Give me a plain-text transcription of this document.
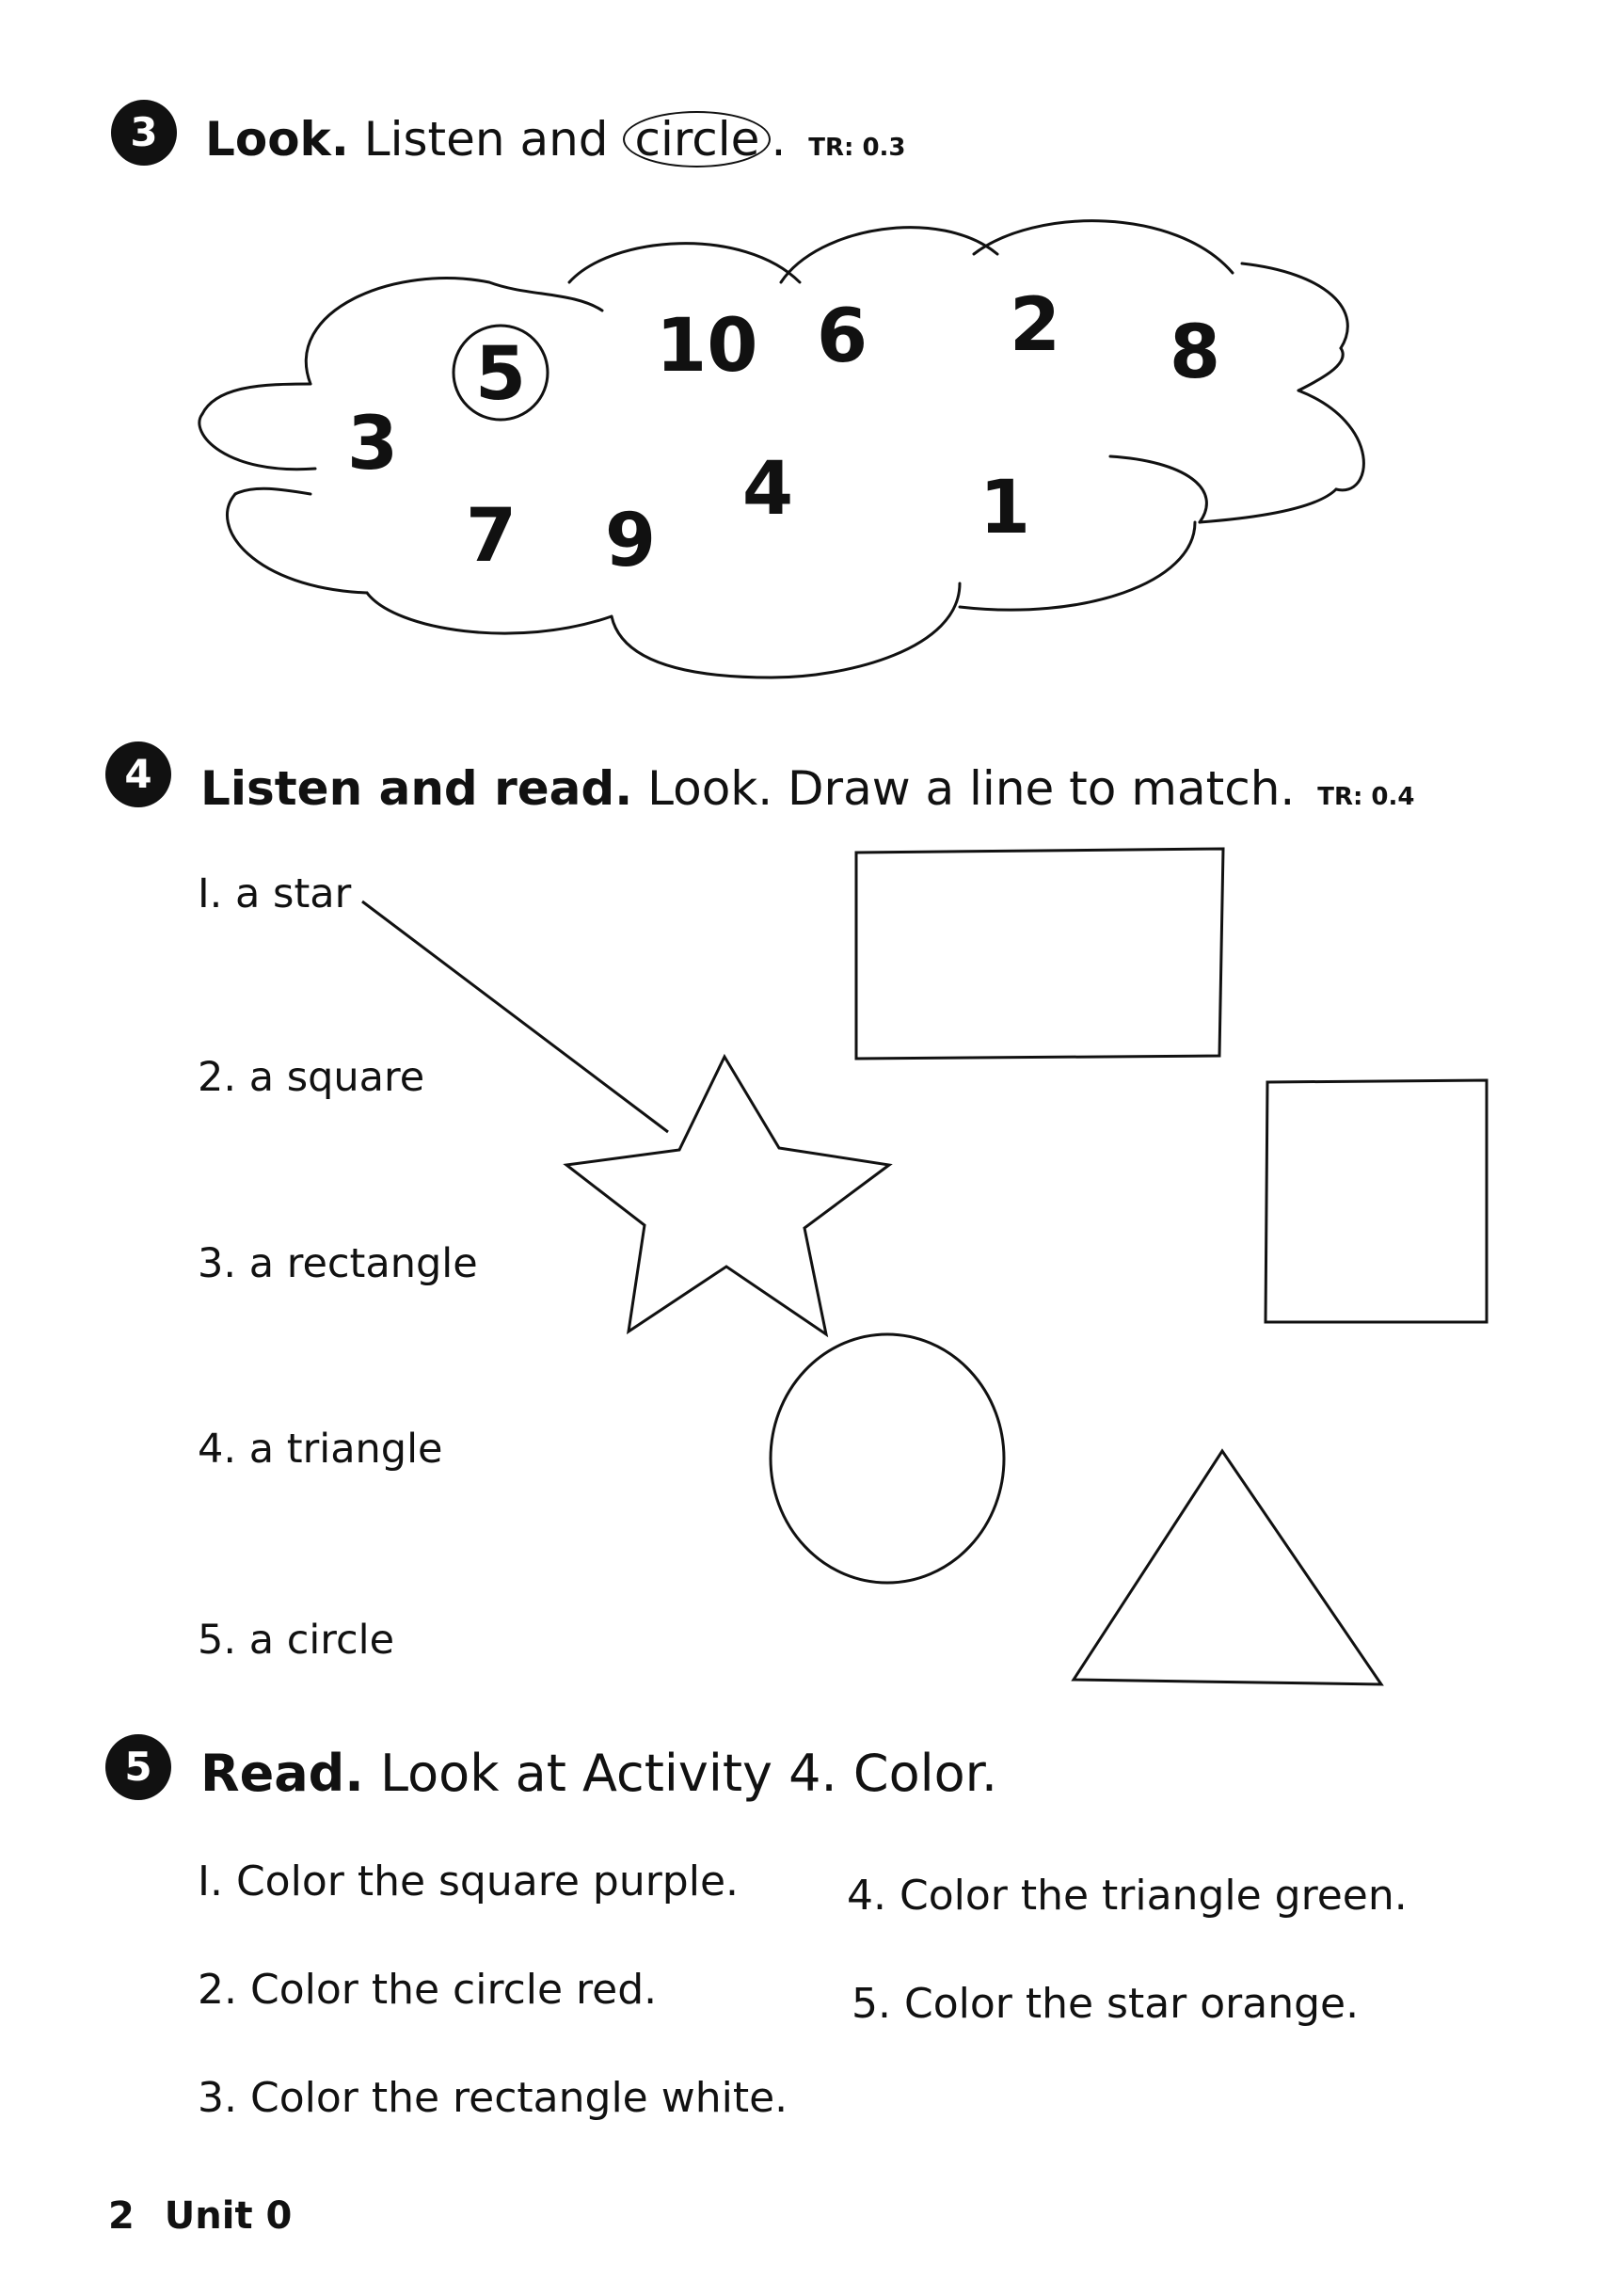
3	Look. Listen and circle . TR: 0.3
5 10 6 2 8
3
7 9
4	1
4	Listen and read. Look. Draw a line to match. TR: 0.4
I. a star
2. a square
3. a rectangle
4. a triangle
5. a circle
5 Read. Look at Activity 4. Color.
I. Color the square purple.
2. Color the circle red.
3. Color the rectangle white.
4. Color the triangle green.
5. Color the star orange.
2 Unit 0
